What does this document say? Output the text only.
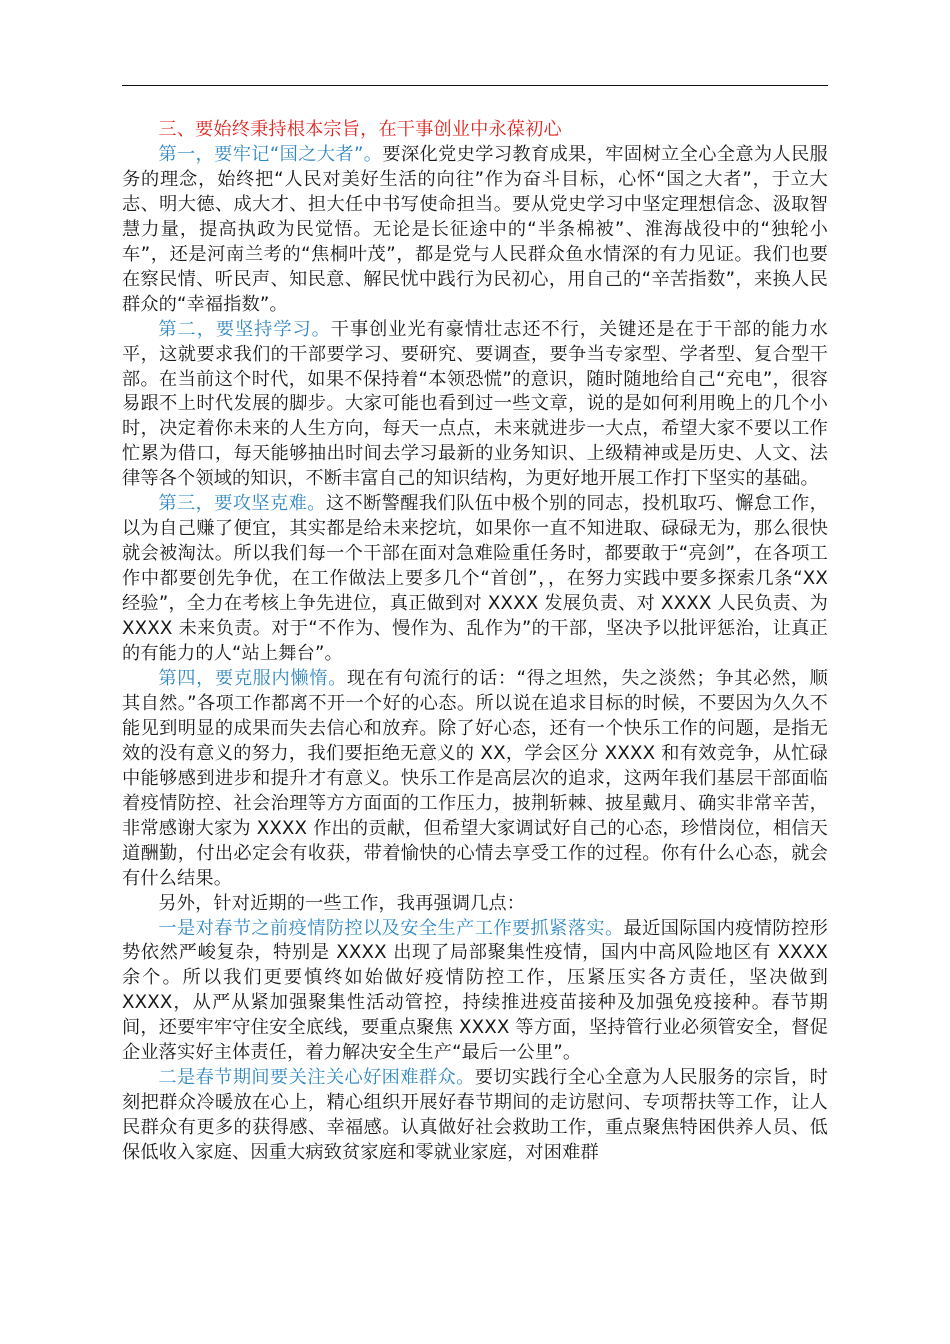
三、要始终秉持根本宗旨，在干事创业中永葆初心

第一，要牢记“国之大者”。要深化党史学习教育成果，牢固树立全心全意为人民服务的理念，始终把“人民对美好生活的向往”作为奋斗目标，心怀“国之大者”，于立大志、明大德、成大才、担大任中书写使命担当。要从党史学习中坚定理想信念、汲取智慧力量，提高执政为民觉悟。无论是长征途中的“半条棉被”、淮海战役中的“独轮小车”，还是河南兰考的“焦桐叶茂”，都是党与人民群众鱼水情深的有力见证。我们也要在察民情、听民声、知民意、解民忧中践行为民初心，用自己的“辛苦指数”，来换人民群众的“幸福指数”。

第二，要坚持学习。干事创业光有豪情壮志还不行，关键还是在于干部的能力水平，这就要求我们的干部要学习、要研究、要调查，要争当专家型、学者型、复合型干部。在当前这个时代，如果不保持着“本领恐慌”的意识，随时随地给自己“充电”，很容易跟不上时代发展的脚步。大家可能也看到过一些文章，说的是如何利用晚上的几个小时，决定着你未来的人生方向，每天一点点，未来就进步一大点，希望大家不要以工作忙累为借口，每天能够抽出时间去学习最新的业务知识、上级精神或是历史、人文、法律等各个领域的知识，不断丰富自己的知识结构，为更好地开展工作打下坚实的基础。

第三，要攻坚克难。这不断警醒我们队伍中极个别的同志，投机取巧、懈怠工作，以为自己赚了便宜，其实都是给未来挖坑，如果你一直不知进取、碌碌无为，那么很快就会被淘汰。所以我们每一个干部在面对急难险重任务时，都要敢于“亮剑”，在各项工作中都要创先争优，在工作做法上要多几个“首创”，，在努力实践中要多探索几条“XX 经验”，全力在考核上争先进位，真正做到对 XXXX 发展负责、对 XXXX 人民负责、为 XXXX 未来负责。对于“不作为、慢作为、乱作为”的干部，坚决予以批评惩治，让真正的有能力的人“站上舞台”。

第四，要克服内懒惰。现在有句流行的话：“得之坦然，失之淡然；争其必然，顺其自然。”各项工作都离不开一个好的心态。所以说在追求目标的时候，不要因为久久不能见到明显的成果而失去信心和放弃。除了好心态，还有一个快乐工作的问题，是指无效的没有意义的努力，我们要拒绝无意义的 XX，学会区分 XXXX 和有效竞争，从忙碌中能够感到进步和提升才有意义。快乐工作是高层次的追求，这两年我们基层干部面临着疫情防控、社会治理等方方面面的工作压力，披荆斩棘、披星戴月、确实非常辛苦，非常感谢大家为 XXXX 作出的贡献，但希望大家调试好自己的心态，珍惜岗位，相信天道酬勤，付出必定会有收获，带着愉快的心情去享受工作的过程。你有什么心态，就会有什么结果。

另外，针对近期的一些工作，我再强调几点：

一是对春节之前疫情防控以及安全生产工作要抓紧落实。最近国际国内疫情防控形势依然严峻复杂，特别是 XXXX 出现了局部聚集性疫情，国内中高风险地区有 XXXX 余个。所以我们更要慎终如始做好疫情防控工作，压紧压实各方责任，坚决做到 XXXX，从严从紧加强聚集性活动管控，持续推进疫苗接种及加强免疫接种。春节期间，还要牢牢守住安全底线，要重点聚焦 XXXX 等方面，坚持管行业必须管安全，督促企业落实好主体责任，着力解决安全生产“最后一公里”。

二是春节期间要关注关心好困难群众。要切实践行全心全意为人民服务的宗旨，时刻把群众冷暖放在心上，精心组织开展好春节期间的走访慰问、专项帮扶等工作，让人民群众有更多的获得感、幸福感。认真做好社会救助工作，重点聚焦特困供养人员、低保低收入家庭、因重大病致贫家庭和零就业家庭，对困难群
